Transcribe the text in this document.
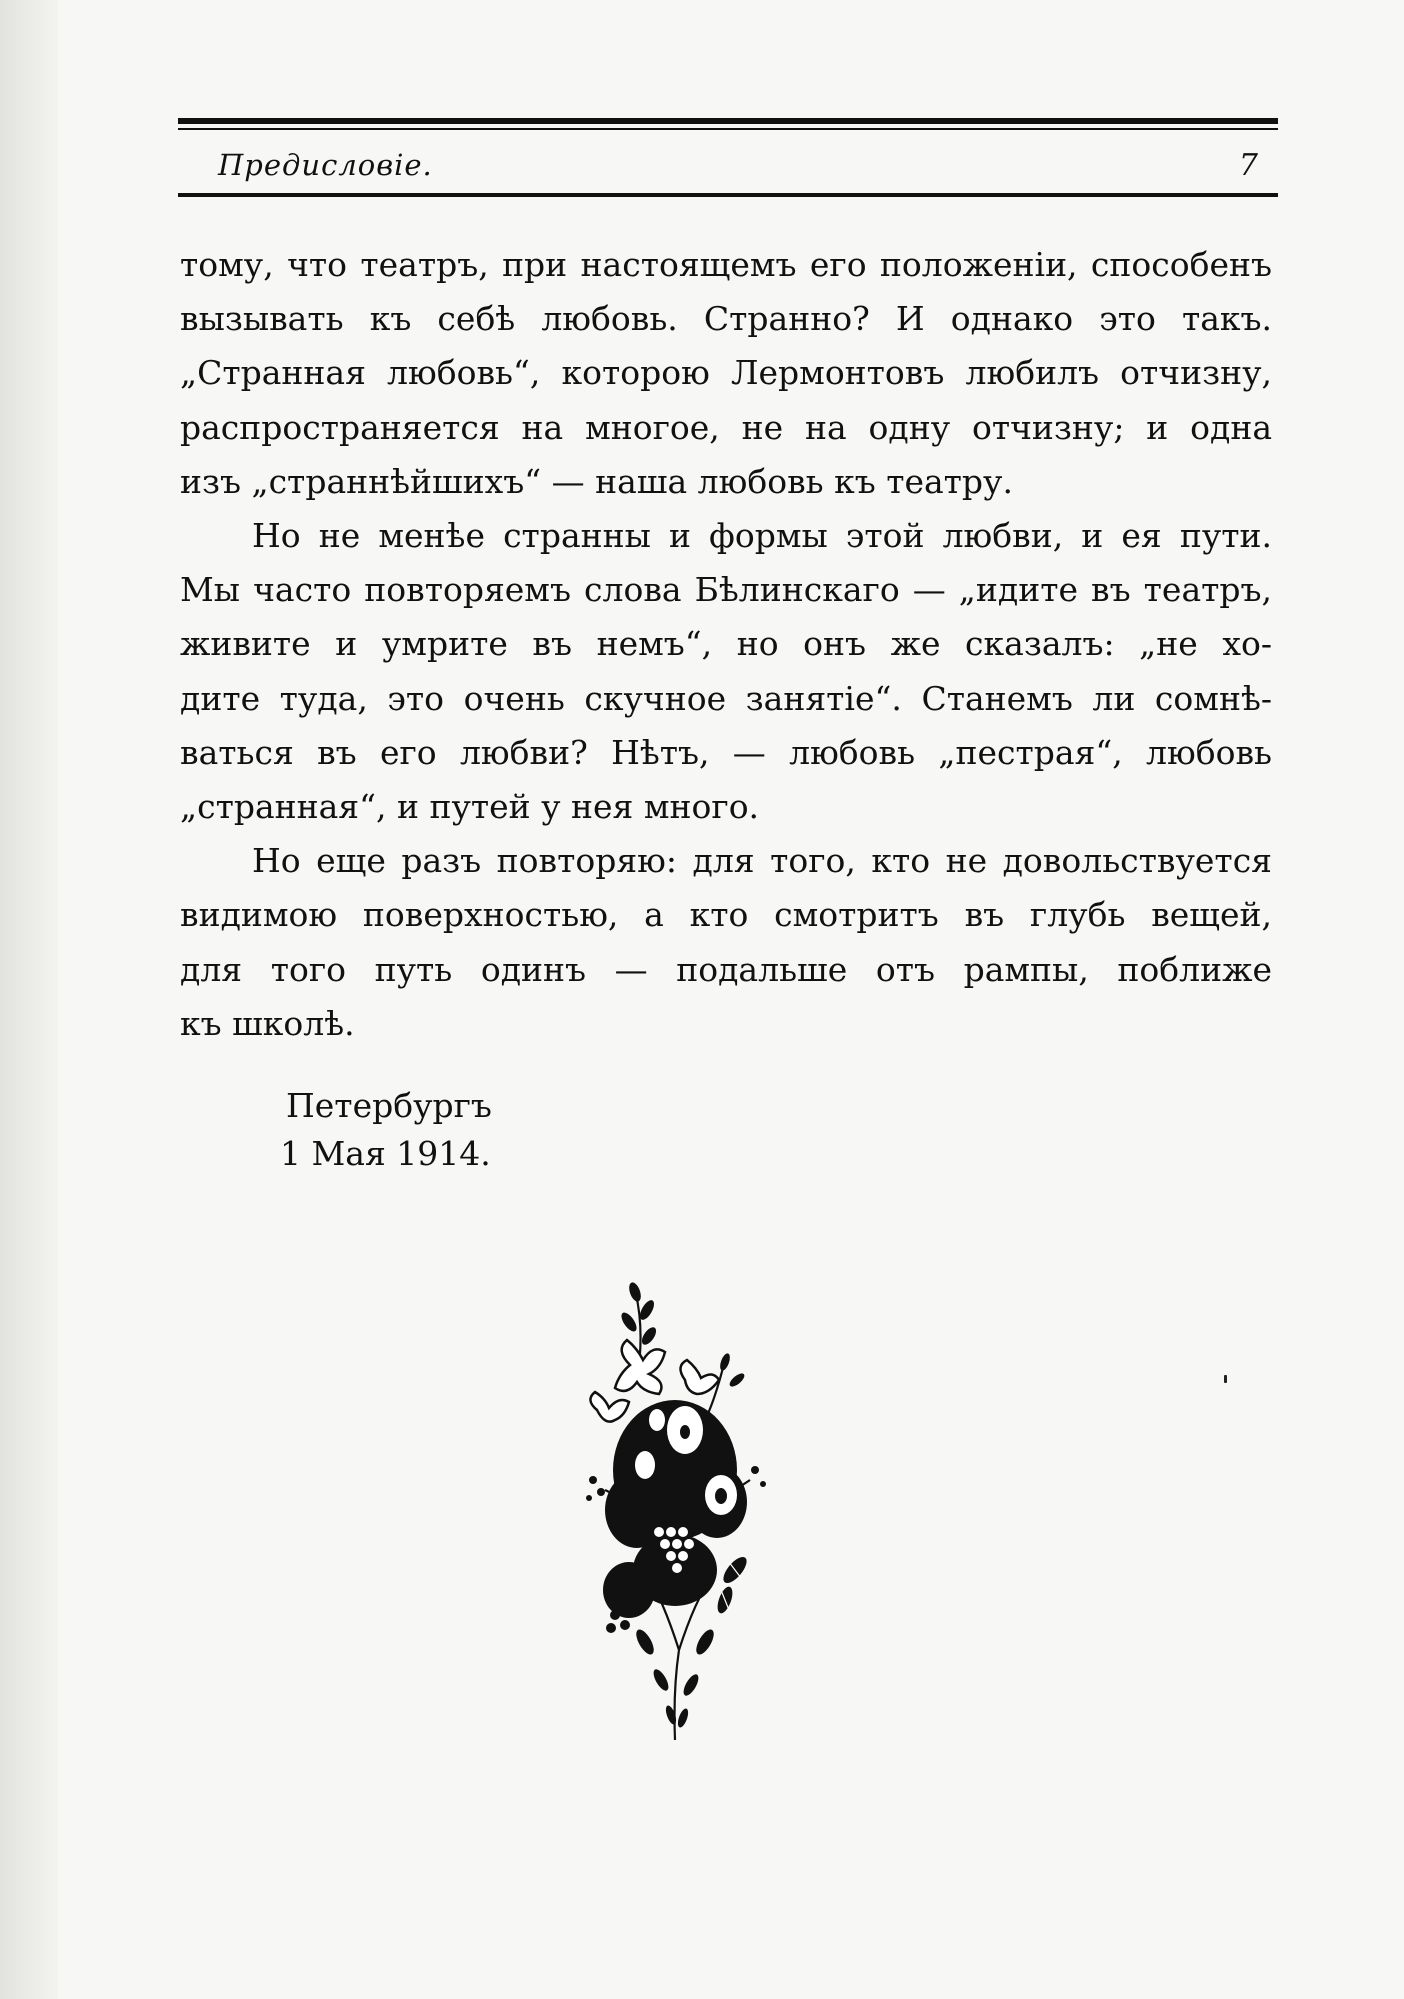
Предисловіе.	7

тому, что театръ, при настоящемъ его положеніи, способенъ
вызывать къ себѣ любовь. Странно? И однако это такъ.
„Странная любовь“, которою Лермонтовъ любилъ отчизну,
распространяется на многое, не на одну отчизну; и одна
изъ „страннѣйшихъ“ — наша любовь къ театру.

Но не менѣе странны и формы этой любви, и ея пути.
Мы часто повторяемъ слова Бѣлинскаго — „идите въ театръ,
живите и умрите въ немъ“, но онъ же сказалъ: „не хо-
дите туда, это очень скучное занятіе“. Станемъ ли сомнѣ-
ваться въ его любви? Нѣтъ, — любовь „пестрая“, любовь
„странная“, и путей у нея много.

Но еще разъ повторяю: для того, кто не довольствуется
видимою поверхностью, а кто смотритъ въ глубь вещей,
для того путь одинъ — подальше отъ рампы, поближе
къ школѣ.

Петербургъ
1 Мая 1914.
